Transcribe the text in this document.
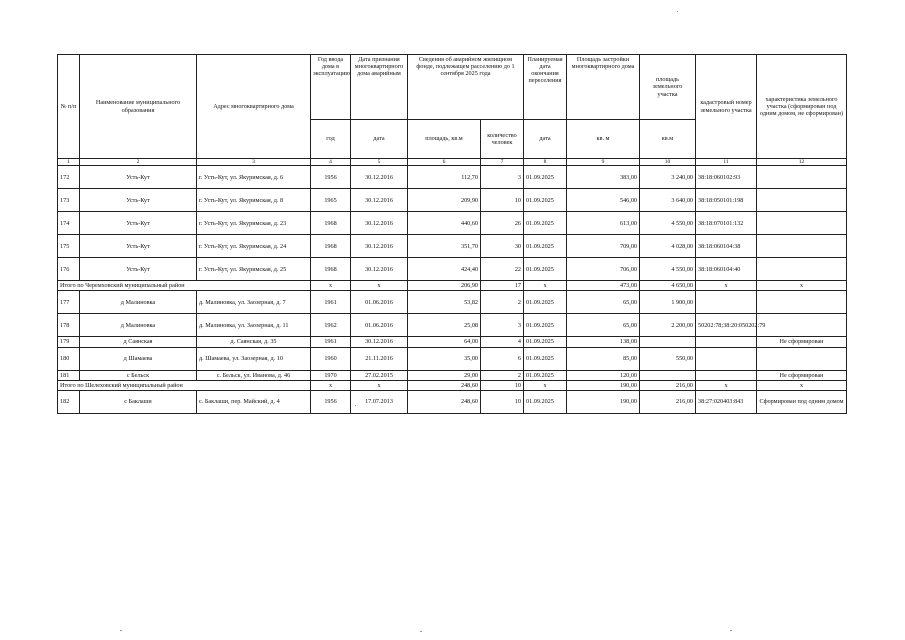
№ п/п	Наименование муниципального образования	Адрес многоквартирного дома	Год ввода дома в эксплуатацию	Дата признания многоквартирного дома аварийным	Сведения об аварийном жилищном фонде, подлежащем расселению до 1 сентября 2025 года		Планируемая дата окончания переселения	Площадь застройки многоквартирного дома	площадь земельного участка	кадастровый номер земельного участка	характеристика земельного участка (сформирован под одним домом, не сформирован)
			год	дата	площадь, кв.м	количество человек	дата	кв. м	кв.м		
1	2	3	4	5	6	7	8	9	10	11	12
172	Усть-Кут	г. Усть-Кут, ул. Якуримская, д. 6	1956	30.12.2016	112,70	3	01.09.2025	383,00	3 240,00	38:18:060102:93	
173	Усть-Кут	г. Усть-Кут, ул. Якуримская, д. 8	1965	30.12.2016	209,90	10	01.09.2025	546,00	3 640,00	38:18:050101:198	
174	Усть-Кут	г. Усть-Кут, ул. Якуримская, д. 23	1968	30.12.2016	440,60	26	01.09.2025	613,00	4 550,00	38:18:070101:132	
175	Усть-Кут	г. Усть-Кут, ул. Якуримская, д. 24	1968	30.12.2016	351,70	30	01.09.2025	709,00	4 028,00	38:18:060104:38	
176	Усть-Кут	г. Усть-Кут, ул. Якуримская, д. 25	1968	30.12.2016	424,40	22	01.09.2025	706,00	4 550,00	38:18:060104:40	
Итого по Черемховский муниципальный район			х	х	206,90	17	х	473,00	4 650,00	х	х
177	д Малиновка	д. Малиновка, ул. Заозерная, д. 7	1961	01.06.2016	53,82	2	01.09.2025	65,00	1 900,00		
178	д Малиновка	д. Малиновка, ул. Заозерная, д. 11	1962	01.06.2016	25,08	3	01.09.2025	65,00	2 200,00	50202:78;38:20:050202:79	
179	д Саянская	д. Саянская, д. 35	1961	30.12.2016	64,00	4	01.09.2025	138,00			Не сформирован
180	д Шамаева	д. Шамаева, ул. Заозерная, д. 10	1960	21.11.2016	35,00	6	01.09.2025	85,00	550,00		
181	с Бельск	с. Бельск, ул. Иванова, д. 46	1970	27.02.2015	29,00	2	01.09.2025	120,00			Не сформирован
Итого по Шелеховский муниципальный район			х	х	248,60	10	х	190,00	216,00	х	х
182	с Баклаши	с. Баклаши, пер. Майский, д. 4	1956	17.07.2013	248,60	10	01.09.2025	190,00	216,00	38:27:020403:843	Сформирован под одним домом
